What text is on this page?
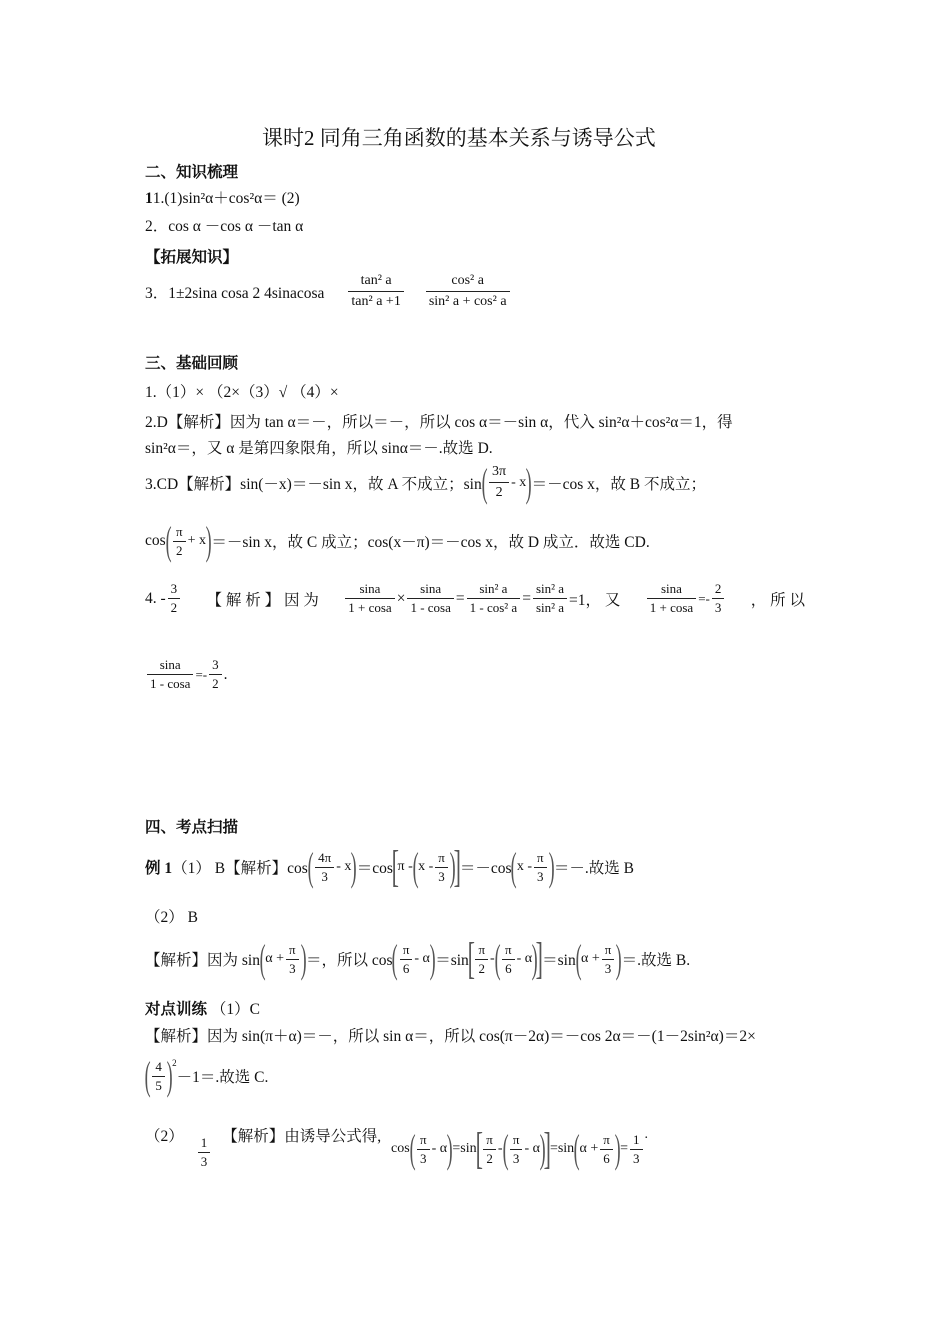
课时2 同角三角函数的基本关系与诱导公式
二、知识梳理
11.(1)sin²α＋cos²α＝ (2)
2．cos α －cos α －tan α
【拓展知识】
3．1±2sina cosa 2 4sinacosa $\frac{\text{tan² a}}{\text{tan² a +1}} \frac{\text{cos² a}}{\text{sin² a + cos² a}}$
三、基础回顾
1.（1）× （2×（3）√ （4）×
2.D【解析】因为 tan α＝－，所以＝－，所以 cos α＝－sin α，代入 sin²α＋cos²α＝1，得
sin²α＝，又 α 是第四象限角，所以 sinα＝－.故选 D.
3.CD【解析】sin(－x)＝－sin x，故 A 不成立；sin ( $\frac{3\pi}{2}$ - x ) ＝－cos x，故 B 不成立；
cos ( $\frac{\pi}{2} + x$ ) ＝－sin x，故 C 成立；cos(x－π)＝－cos x，故 D 成立．故选 CD.
4. - $\frac{3}{2}$ 【 解 析 】 因 为 $\frac{\sin a}{1 + \cos a} \times \frac{\sin a}{1 - \cos a} = \frac{\text{sin² a}}{\text{1 - cos² a}} = \frac{\text{sin² a}}{\text{sin² a}} =1$， 又 $\frac{\sin a}{1 + \cos a} =- \frac{2}{3}$ ， 所 以
$\frac{\sin a}{1 - \cos a} =- \frac{3}{2}$ .
四、考点扫描
例 1 （1） B【解析】cos ( $\frac{4\pi}{3}$ - x ) ＝cos
[
π - ( x - $\frac{\pi}{3}$ )
]
＝－cos ( x - $\frac{\pi}{3}$ ) ＝－.故选 B
（2） B
【解析】因为 sin ( $\alpha + \frac{\pi}{3}$ ) ＝，所以 cos ( $\frac{\pi}{6}$ - α ) ＝sin
[ $\frac{\pi}{2}$ - ( $\frac{\pi}{6}$ - α )
]
＝sin ( $\alpha + \frac{\pi}{3}$ ) ＝.故选 B.
对点训练 （1）C
【解析】因为 sin(π＋α)＝－，所以 sin α＝，所以 cos(π－2α)＝－cos 2α＝－(1－2sin²α)＝2×
( $\frac{4}{5}$ ) 2
－1＝.故选 C.
$(2) \frac{1}{3}$ 【解析】由诱导公式得,
cos ( $\frac{\pi}{3}$ - α ) =sin
[ $\frac{\pi}{2}$ - ( $\frac{\pi}{3}$ - α )
]
=sin ( $\alpha + \frac{\pi}{6}$ ) = $\frac{1}{3}$ .
